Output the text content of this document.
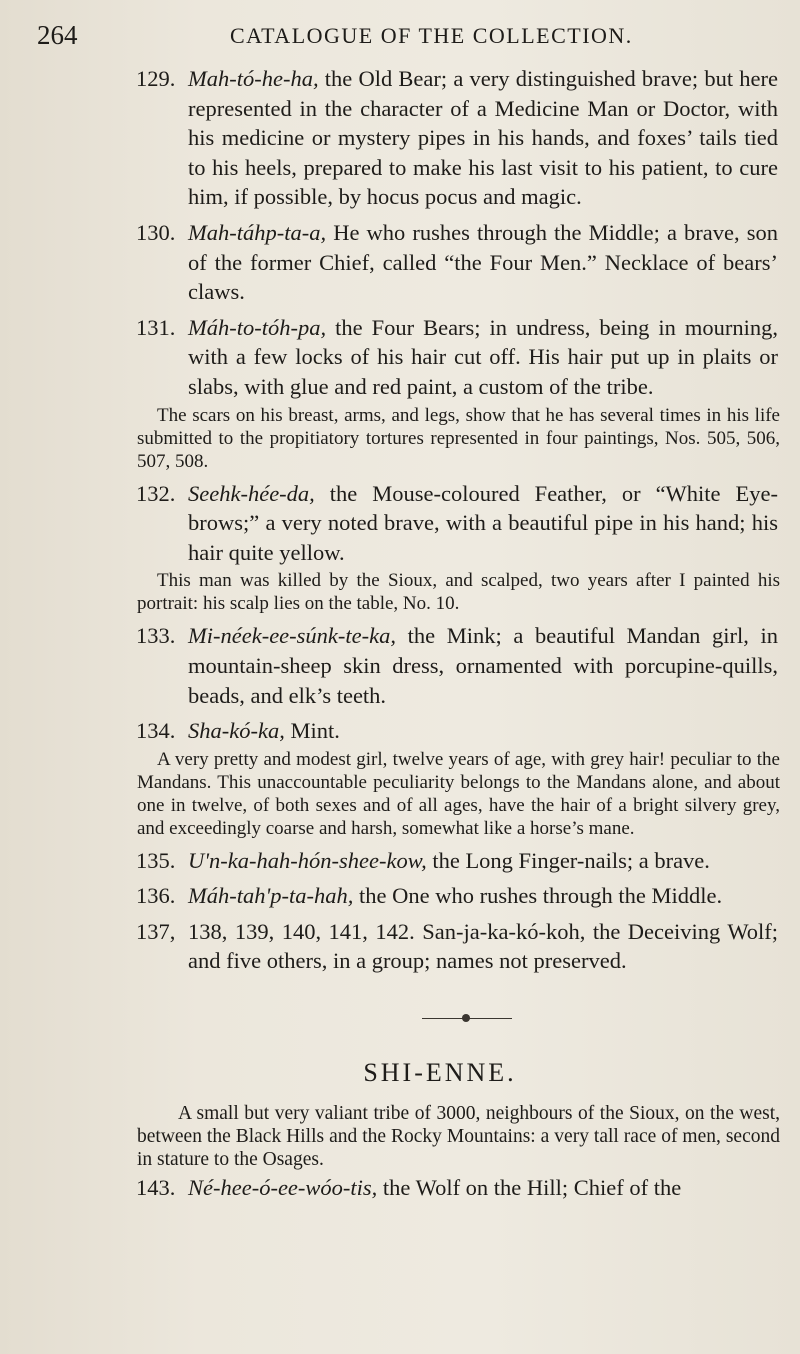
264	CATALOGUE OF THE COLLECTION.
129. Mah-tó-he-ha, the Old Bear; a very distinguished brave; but here represented in the character of a Medicine Man or Doctor, with his medicine or mystery pipes in his hands, and foxes’ tails tied to his heels, prepared to make his last visit to his patient, to cure him, if possible, by hocus pocus and magic.
130. Mah-táhp-ta-a, He who rushes through the Middle; a brave, son of the former Chief, called “the Four Men.” Necklace of bears’ claws.
131. Máh-to-tóh-pa, the Four Bears; in undress, being in mourning, with a few locks of his hair cut off. His hair put up in plaits or slabs, with glue and red paint, a custom of the tribe.
The scars on his breast, arms, and legs, show that he has several times in his life submitted to the propitiatory tortures represented in four paintings, Nos. 505, 506, 507, 508.
132. Seehk-hée-da, the Mouse-coloured Feather, or “White Eye-brows;” a very noted brave, with a beautiful pipe in his hand; his hair quite yellow.
This man was killed by the Sioux, and scalped, two years after I painted his portrait: his scalp lies on the table, No. 10.
133. Mi-néek-ee-súnk-te-ka, the Mink; a beautiful Mandan girl, in mountain-sheep skin dress, ornamented with porcupine-quills, beads, and elk’s teeth.
134. Sha-kó-ka, Mint.
A very pretty and modest girl, twelve years of age, with grey hair! peculiar to the Mandans. This unaccountable peculiarity belongs to the Mandans alone, and about one in twelve, of both sexes and of all ages, have the hair of a bright silvery grey, and exceedingly coarse and harsh, somewhat like a horse’s mane.
135. U'n-ka-hah-hón-shee-kow, the Long Finger-nails; a brave.
136. Máh-tah'p-ta-hah, the One who rushes through the Middle.
137, 138, 139, 140, 141, 142. San-ja-ka-kó-koh, the Deceiving Wolf; and five others, in a group; names not preserved.
SHI-ENNE.
A small but very valiant tribe of 3000, neighbours of the Sioux, on the west, between the Black Hills and the Rocky Mountains: a very tall race of men, second in stature to the Osages.
143. Né-hee-ó-ee-wóo-tis, the Wolf on the Hill; Chief of the
